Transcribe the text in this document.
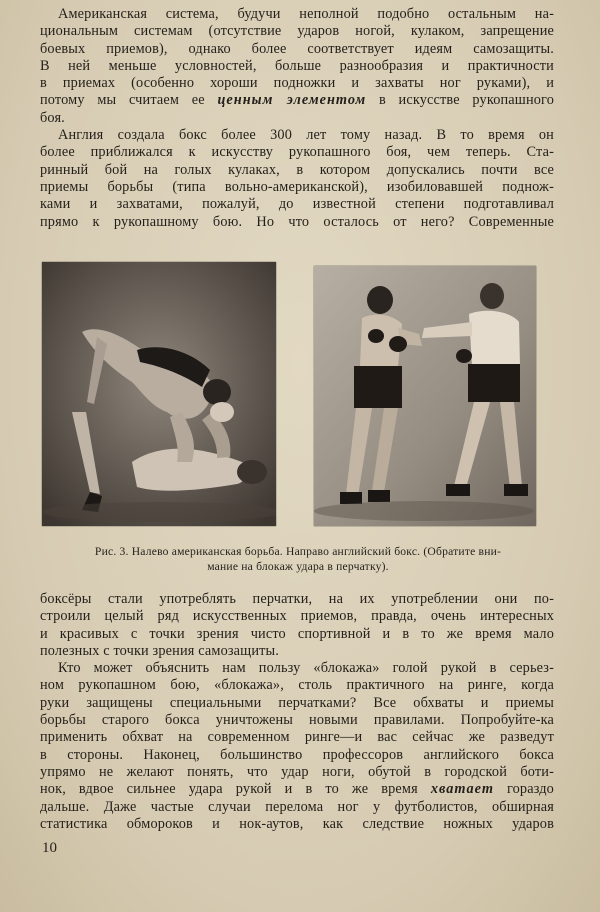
Американская система, будучи неполной подобно остальным на-
циональным системам (отсутствие ударов ногой, кулаком, запрещение
боевых приемов), однако более соответствует идеям самозащиты.
В ней меньше условностей, больше разнообразия и практичности
в приемах (особенно хороши подножки и захваты ног руками), и
потому мы считаем ее ценным элементом в искусстве рукопашного
боя.

Англия создала бокс более 300 лет тому назад. В то время он
более приближался к искусству рукопашного боя, чем теперь. Ста-
ринный бой на голых кулаках, в котором допускались почти все
приемы борьбы (типа вольно-американской), изобиловавшей поднож-
ками и захватами, пожалуй, до известной степени подготавливал
прямо к рукопашному бою. Но что осталось от него? Современные

Рис. 3. Налево американская борьба. Направо английский бокс. (Обратите вни-
мание на блокаж удара в перчатку).

боксёры стали употреблять перчатки, на их употреблении они по-
строили целый ряд искусственных приемов, правда, очень интересных
и красивых с точки зрения чисто спортивной и в то же время мало
полезных с точки зрения самозащиты.

Кто может объяснить нам пользу «блокажа» голой рукой в серьез-
ном рукопашном бою, «блокажа», столь практичного на ринге, когда
руки защищены специальными перчатками? Все обхваты и приемы
борьбы старого бокса уничтожены новыми правилами. Попробуйте-ка
применить обхват на современном ринге—и вас сейчас же разведут
в стороны. Наконец, большинство профессоров английского бокса
упрямо не желают понять, что удар ноги, обутой в городской боти-
нок, вдвое сильнее удара рукой и в то же время хватает гораздо
дальше. Даже частые случаи перелома ног у футболистов, обширная
статистика обмороков и нок-аутов, как следствие ножных ударов

10
